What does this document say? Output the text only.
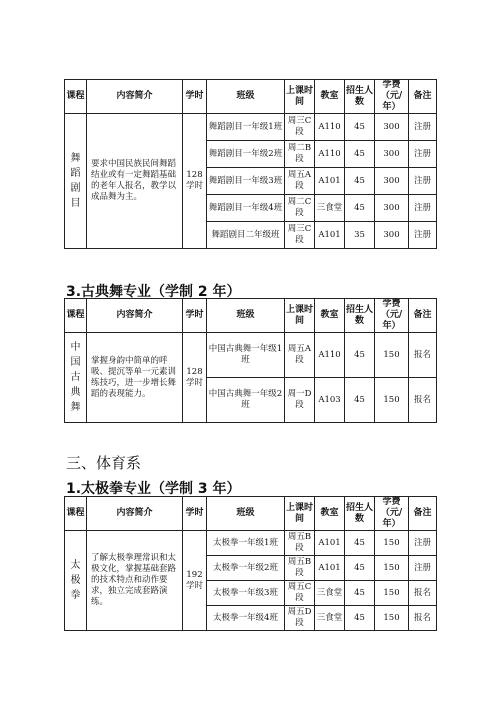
课程	内容简介	学时	班级	上课时间	教室	招生人数	学费（元/年）	备注
舞蹈剧目	要求中国民族民间舞蹈结业或有一定舞蹈基础的老年人报名，教学以成品舞为主。	128学时	舞蹈剧目一年级1班	周三C段	A110	45	300	注册
			舞蹈剧目一年级2班	周二B段	A110	45	300	注册
			舞蹈剧目一年级3班	周五A段	A101	45	300	注册
			舞蹈剧目一年级4班	周二C段	三食堂	45	300	注册
			舞蹈剧目二年级班	周三C段	A101	35	300	注册
3.古典舞专业（学制 2 年）
课程	内容简介	学时	班级	上课时间	教室	招生人数	学费（元/年）	备注
中国古典舞	掌握身韵中简单的呼吸、提沉等单一元素训练技巧，进一步增长舞蹈的表现能力。	128学时	中国古典舞一年级1班	周五A段	A110	45	150	报名
			中国古典舞一年级2班	周一D段	A103	45	150	报名
三、体育系
1.太极拳专业（学制 3 年）
课程	内容简介	学时	班级	上课时间	教室	招生人数	学费（元/年）	备注
太极拳	了解太极拳理常识和太极文化，掌握基础套路的技术特点和动作要求，独立完成套路演练。	192学时	太极拳一年级1班	周五B段	A101	45	150	注册
			太极拳一年级2班	周五B段	A101	45	150	注册
			太极拳一年级3班	周五C段	三食堂	45	150	报名
			太极拳一年级4班	周五D段	三食堂	45	150	报名
